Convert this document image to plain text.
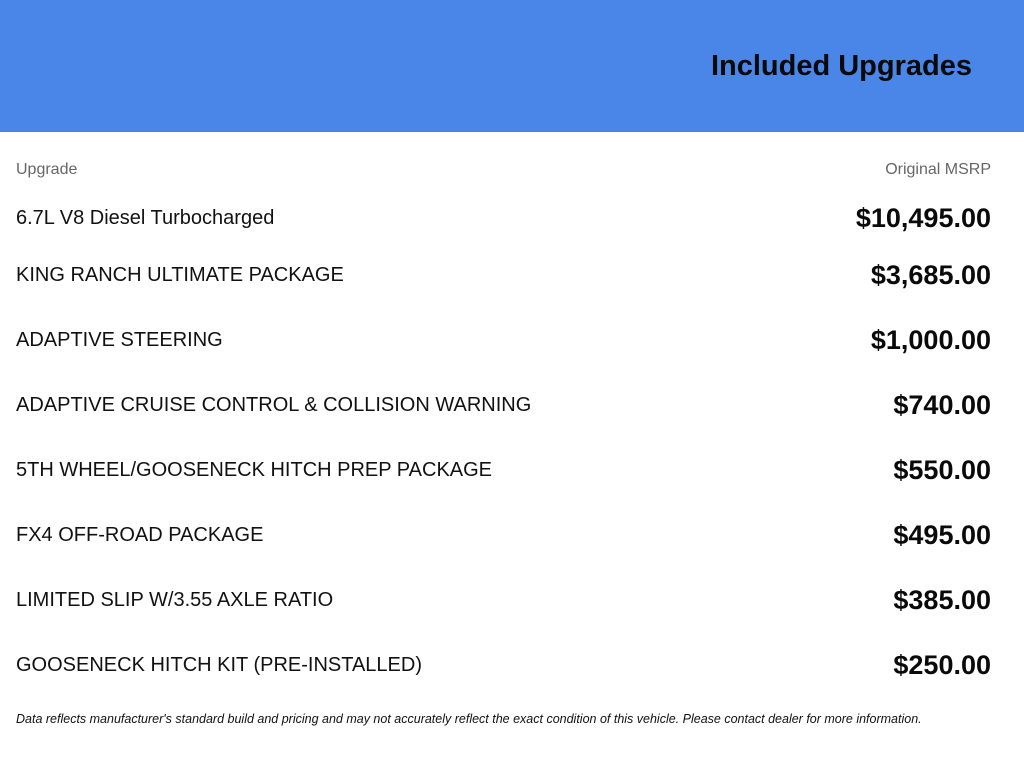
Included Upgrades
Upgrade	Original MSRP
6.7L V8 Diesel Turbocharged	$10,495.00
KING RANCH ULTIMATE PACKAGE	$3,685.00
ADAPTIVE STEERING	$1,000.00
ADAPTIVE CRUISE CONTROL & COLLISION WARNING	$740.00
5TH WHEEL/GOOSENECK HITCH PREP PACKAGE	$550.00
FX4 OFF-ROAD PACKAGE	$495.00
LIMITED SLIP W/3.55 AXLE RATIO	$385.00
GOOSENECK HITCH KIT (PRE-INSTALLED)	$250.00
Data reflects manufacturer's standard build and pricing and may not accurately reflect the exact condition of this vehicle. Please contact dealer for more information.
